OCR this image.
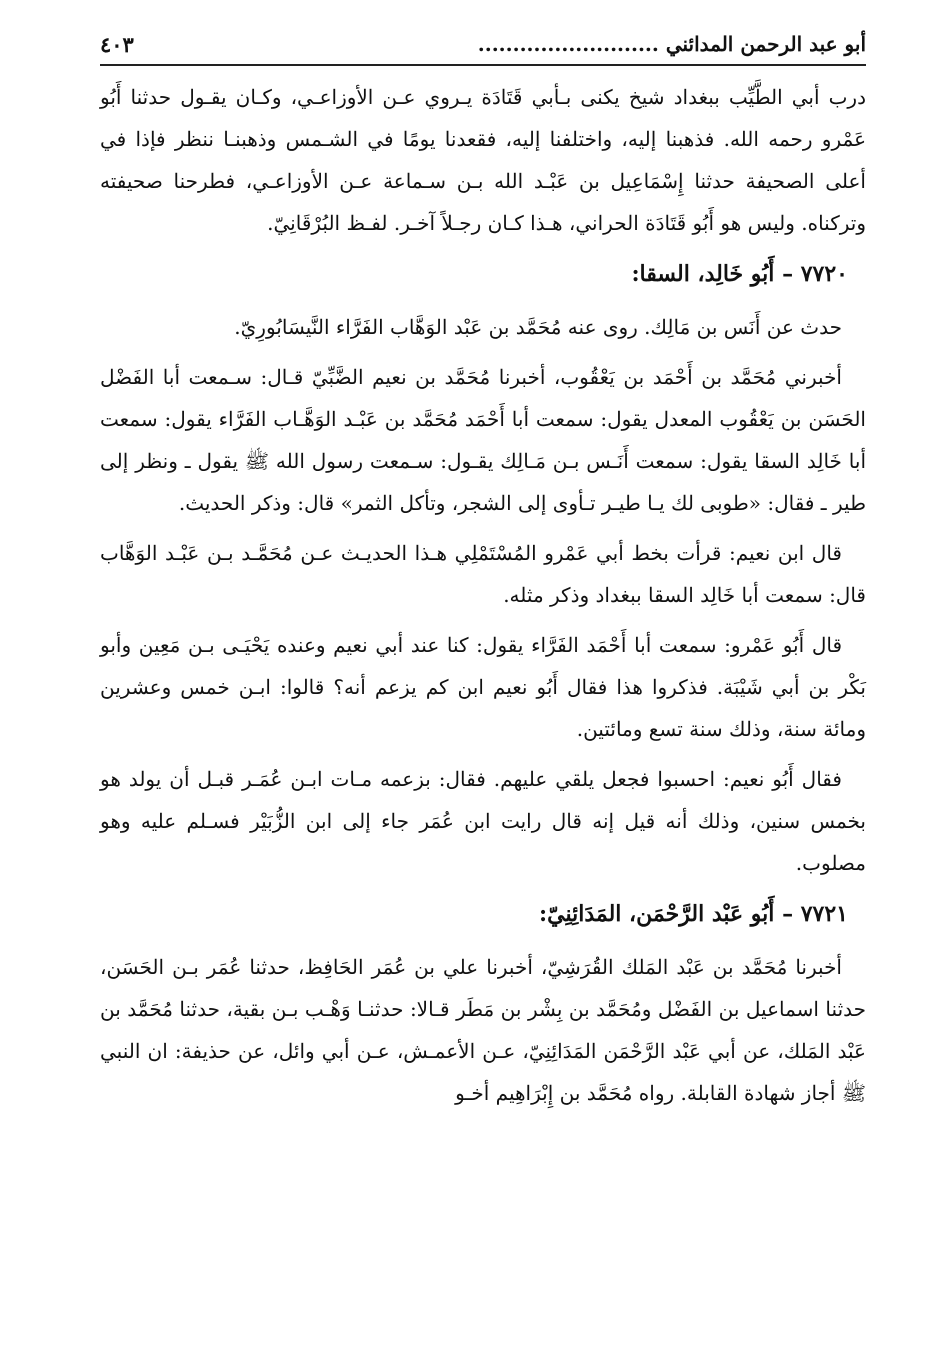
أبو عبد الرحمن المدائني ..........................
٤٠٣

درب أبي الطَّيِّب ببغداد شيخ يكنى بـأبي قَتَادَة يـروي عـن الأوزاعـي، وكـان يقـول حدثنا أَبُو عَمْرو رحمه الله. فذهبنا إليه، واختلفنا إليه، فقعدنا يومًا في الشـمس وذهبنـا ننظر فإذا في أعلى الصحيفة حدثنا إِسْمَاعِيل بن عَبْـد الله بـن سـماعة عـن الأوزاعـي، فطرحنا صحيفته وتركناه. وليس هو أَبُو قَتَادَة الحراني، هـذا كـان رجـلاً آخـر. لفـظ البُرْقَانِيّ.

٧٧٢٠ – أَبُو خَالِد، السقا:

حدث عن أَنَس بن مَالِك. روى عنه مُحَمَّد بن عَبْد الوَهَّاب الفَرَّاء النَّيسَابُورِيّ.

أخبرني مُحَمَّد بن أَحْمَد بن يَعْقُوب، أخبرنا مُحَمَّد بن نعيم الضَّبِّيّ قـال: سـمعت أبا الفَضْل الحَسَن بن يَعْقُوب المعدل يقول: سمعت أبا أَحْمَد مُحَمَّد بن عَبْـد الوَهَّـاب الفَرَّاء يقول: سمعت أبا خَالِد السقا يقول: سمعت أَنَـس بـن مَـالِك يقـول: سـمعت رسول الله ﷺ يقول ـ ونظر إلى طير ـ فقال: «طوبى لك يـا طيـر تـأوى إلى الشجر، وتأكل الثمر» قال: وذكر الحديث.

قال ابن نعيم: قرأت بخط أبي عَمْرو المُسْتَمْلِي هـذا الحديـث عـن مُحَمَّـد بـن عَبْـد الوَهَّاب قال: سمعت أبا خَالِد السقا ببغداد وذكر مثله.

قال أَبُو عَمْرو: سمعت أبا أَحْمَد الفَرَّاء يقول: كنا عند أبي نعيم وعنده يَحْيَـى بـن مَعِين وأبو بَكْر بن أبي شَيْبَة. فذكروا هذا فقال أَبُو نعيم ابن كم يزعم أنه؟ قالوا: ابـن خمس وعشرين ومائة سنة، وذلك سنة تسع ومائتين.

فقال أَبُو نعيم: احسبوا فجعل يلقي عليهم. فقال: بزعمه مـات ابـن عُمَـر قبـل أن يولد هو بخمس سنين، وذلك أنه قيل إنه قال رايت ابن عُمَر جاء إلى ابن الزُّبَيْر فسـلم عليه وهو مصلوب.

٧٧٢١ – أَبُو عَبْد الرَّحْمَن، المَدَائِنِيّ:

أخبرنا مُحَمَّد بن عَبْد المَلك القُرَشِيّ، أخبرنا علي بن عُمَر الحَافِظ، حدثنا عُمَر بـن الحَسَن، حدثنا اسماعيل بن الفَضْل ومُحَمَّد بن بِشْر بن مَطَر قـالا: حدثنـا وَهْـب بـن بقية، حدثنا مُحَمَّد بن عَبْد المَلك، عن أبي عَبْد الرَّحْمَن المَدَائِنِيّ، عـن الأعمـش، عـن أبي وائل، عن حذيفة: ان النبي ﷺ أجاز شهادة القابلة. رواه مُحَمَّد بن إِبْرَاهِيم أخـو
